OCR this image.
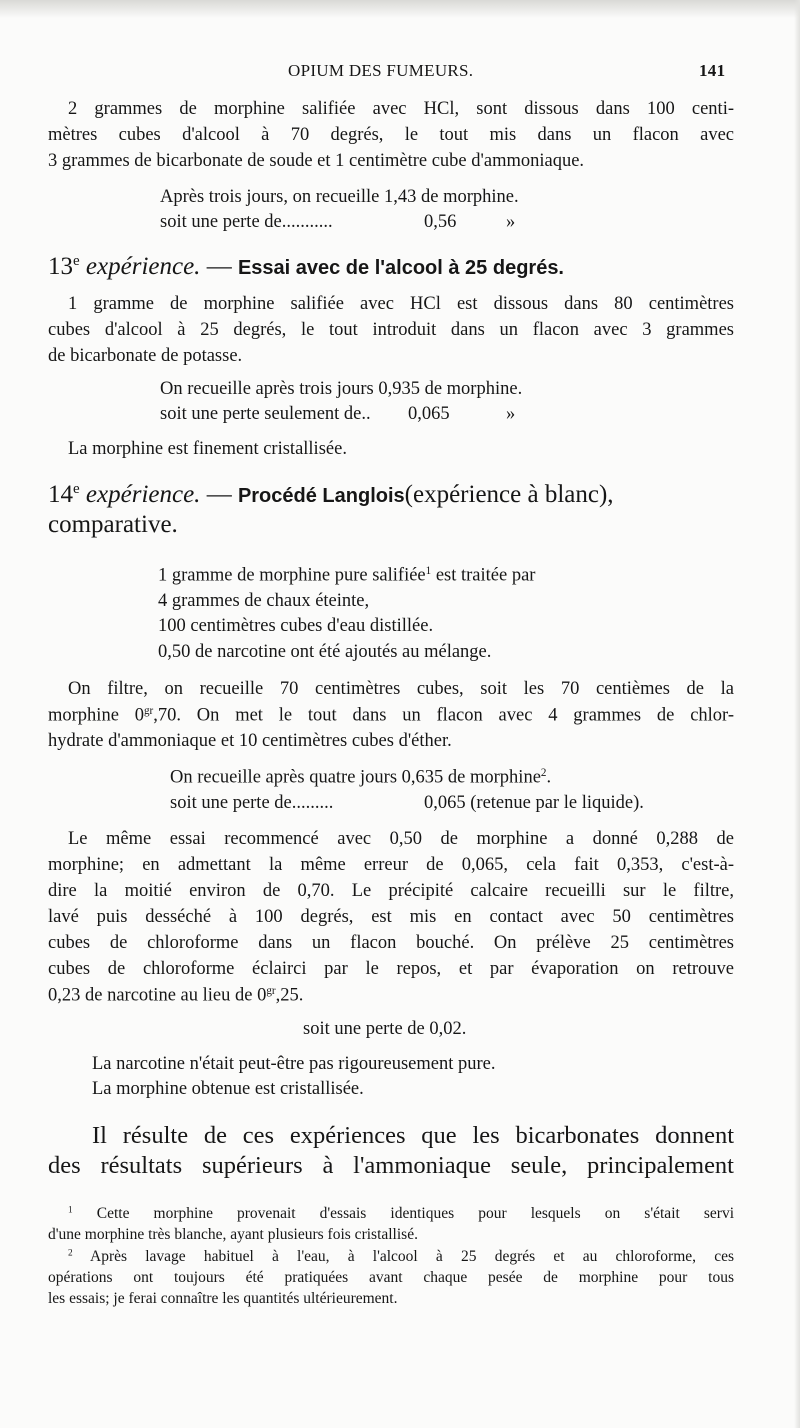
OPIUM DES FUMEURS.	141
2 grammes de morphine salifiée avec HCl, sont dissous dans 100 centi-
mètres cubes d'alcool à 70 degrés, le tout mis dans un flacon avec
3 grammes de bicarbonate de soude et 1 centimètre cube d'ammoniaque.
Après trois jours, on recueille 1,43 de morphine.
soit une perte de...........	0,56	»
13e expérience. — Essai avec de l'alcool à 25 degrés.
1 gramme de morphine salifiée avec HCl est dissous dans 80 centimètres
cubes d'alcool à 25 degrés, le tout introduit dans un flacon avec 3 grammes
de bicarbonate de potasse.
On recueille après trois jours 0,935 de morphine.
soit une perte seulement de.. 0,065	»
La morphine est finement cristallisée.
14e expérience. — Procédé Langlois(expérience à blanc),
comparative.
1 gramme de morphine pure salifiée$^1$ est traitée par
4 grammes de chaux éteinte,
100 centimètres cubes d'eau distillée.
0,50 de narcotine ont été ajoutés au mélange.
On filtre, on recueille 70 centimètres cubes, soit les 70 centièmes de la
morphine $0^{gr},70$. On met le tout dans un flacon avec 4 grammes de chlor-
hydrate d'ammoniaque et 10 centimètres cubes d'éther.
On recueille après quatre jours 0,635 de morphine$^2$.
soit une perte de.........	0,065 (retenue par le liquide).
Le même essai recommencé avec 0,50 de morphine a donné 0,288 de
morphine; en admettant la même erreur de 0,065, cela fait 0,353, c'est-à-
dire la moitié environ de 0,70. Le précipité calcaire recueilli sur le filtre,
lavé puis desséché à 100 degrés, est mis en contact avec 50 centimètres
cubes de chloroforme dans un flacon bouché. On prélève 25 centimètres
cubes de chloroforme éclairci par le repos, et par évaporation on retrouve
0,23 de narcotine au lieu de $0^{gr},25$.
soit une perte de 0,02.
La narcotine n'était peut-être pas rigoureusement pure.
La morphine obtenue est cristallisée.
Il résulte de ces expériences que les bicarbonates donnent
des résultats supérieurs à l'ammoniaque seule, principalement
$^1$ Cette morphine provenait d'essais identiques pour lesquels on s'était servi
d'une morphine très blanche, ayant plusieurs fois cristallisé.
$^2$ Après lavage habituel à l'eau, à l'alcool à 25 degrés et au chloroforme, ces
opérations ont toujours été pratiquées avant chaque pesée de morphine pour tous
les essais; je ferai connaître les quantités ultérieurement.
